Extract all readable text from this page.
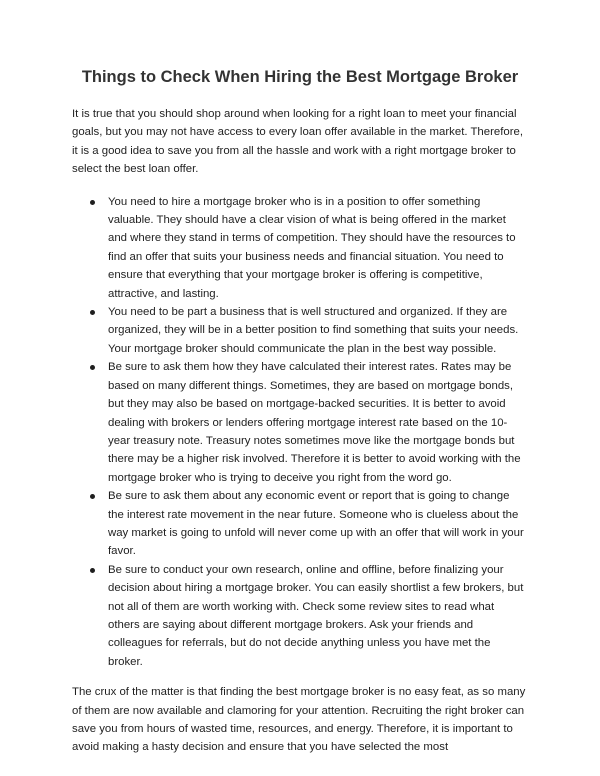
Things to Check When Hiring the Best Mortgage Broker

It is true that you should shop around when looking for a right loan to meet your financial goals, but you may not have access to every loan offer available in the market. Therefore, it is a good idea to save you from all the hassle and work with a right mortgage broker to select the best loan offer.

You need to hire a mortgage broker who is in a position to offer something valuable. They should have a clear vision of what is being offered in the market and where they stand in terms of competition. They should have the resources to find an offer that suits your business needs and financial situation. You need to ensure that everything that your mortgage broker is offering is competitive, attractive, and lasting.
You need to be part a business that is well structured and organized. If they are organized, they will be in a better position to find something that suits your needs. Your mortgage broker should communicate the plan in the best way possible.
Be sure to ask them how they have calculated their interest rates. Rates may be based on many different things. Sometimes, they are based on mortgage bonds, but they may also be based on mortgage-backed securities. It is better to avoid dealing with brokers or lenders offering mortgage interest rate based on the 10-year treasury note. Treasury notes sometimes move like the mortgage bonds but there may be a higher risk involved. Therefore it is better to avoid working with the mortgage broker who is trying to deceive you right from the word go.
Be sure to ask them about any economic event or report that is going to change the interest rate movement in the near future. Someone who is clueless about the way market is going to unfold will never come up with an offer that will work in your favor.
Be sure to conduct your own research, online and offline, before finalizing your decision about hiring a mortgage broker. You can easily shortlist a few brokers, but not all of them are worth working with. Check some review sites to read what others are saying about different mortgage brokers. Ask your friends and colleagues for referrals, but do not decide anything unless you have met the broker.

The crux of the matter is that finding the best mortgage broker is no easy feat, as so many of them are now available and clamoring for your attention. Recruiting the right broker can save you from hours of wasted time, resources, and energy. Therefore, it is important to avoid making a hasty decision and ensure that you have selected the most
